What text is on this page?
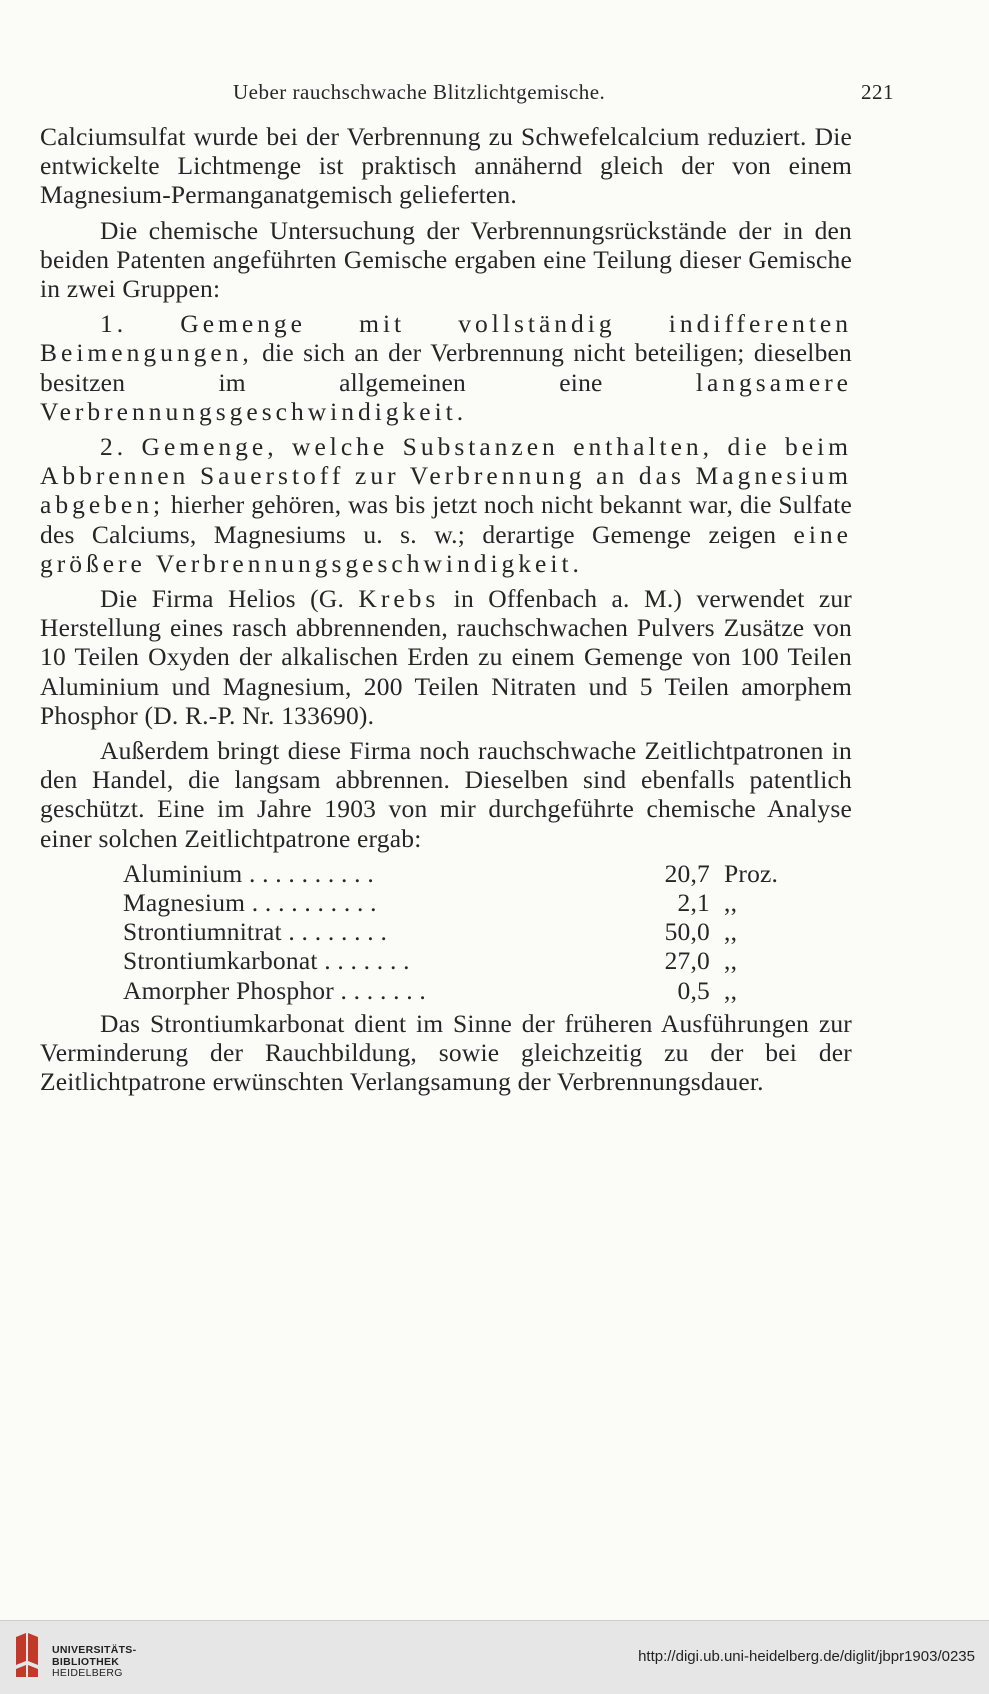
Ueber rauchschwache Blitzlichtgemische.	221

Calciumsulfat wurde bei der Verbrennung zu Schwefelcalcium reduziert. Die entwickelte Lichtmenge ist praktisch annähernd gleich der von einem Magnesium-Permanganatgemisch gelieferten.

Die chemische Untersuchung der Verbrennungsrückstände der in den beiden Patenten angeführten Gemische ergaben eine Teilung dieser Gemische in zwei Gruppen:

1. Gemenge mit vollständig indifferenten Beimengungen, die sich an der Verbrennung nicht beteiligen; dieselben besitzen im allgemeinen eine langsamere Verbrennungsgeschwindigkeit.

2. Gemenge, welche Substanzen enthalten, die beim Abbrennen Sauerstoff zur Verbrennung an das Magnesium abgeben; hierher gehören, was bis jetzt noch nicht bekannt war, die Sulfate des Calciums, Magnesiums u. s. w.; derartige Gemenge zeigen eine größere Verbrennungsgeschwindigkeit.

Die Firma Helios (G. Krebs in Offenbach a. M.) verwendet zur Herstellung eines rasch abbrennenden, rauchschwachen Pulvers Zusätze von 10 Teilen Oxyden der alkalischen Erden zu einem Gemenge von 100 Teilen Aluminium und Magnesium, 200 Teilen Nitraten und 5 Teilen amorphem Phosphor (D. R.-P. Nr. 133690).

Außerdem bringt diese Firma noch rauchschwache Zeitlichtpatronen in den Handel, die langsam abbrennen. Dieselben sind ebenfalls patentlich geschützt. Eine im Jahre 1903 von mir durchgeführte chemische Analyse einer solchen Zeitlichtpatrone ergab:

Aluminium . . . . . . . . . .	20,7 Proz.
Magnesium . . . . . . . . . .	2,1 ,,
Strontiumnitrat . . . . . . . .	50,0 ,,
Strontiumkarbonat . . . . . . .	27,0 ,,
Amorpher Phosphor . . . . . . .	0,5 ,,

Das Strontiumkarbonat dient im Sinne der früheren Ausführungen zur Verminderung der Rauchbildung, sowie gleichzeitig zu der bei der Zeitlichtpatrone erwünschten Verlangsamung der Verbrennungsdauer.

UNIVERSITÄTS-
BIBLIOTHEK
HEIDELBERG
http://digi.ub.uni-heidelberg.de/diglit/jbpr1903/0235
